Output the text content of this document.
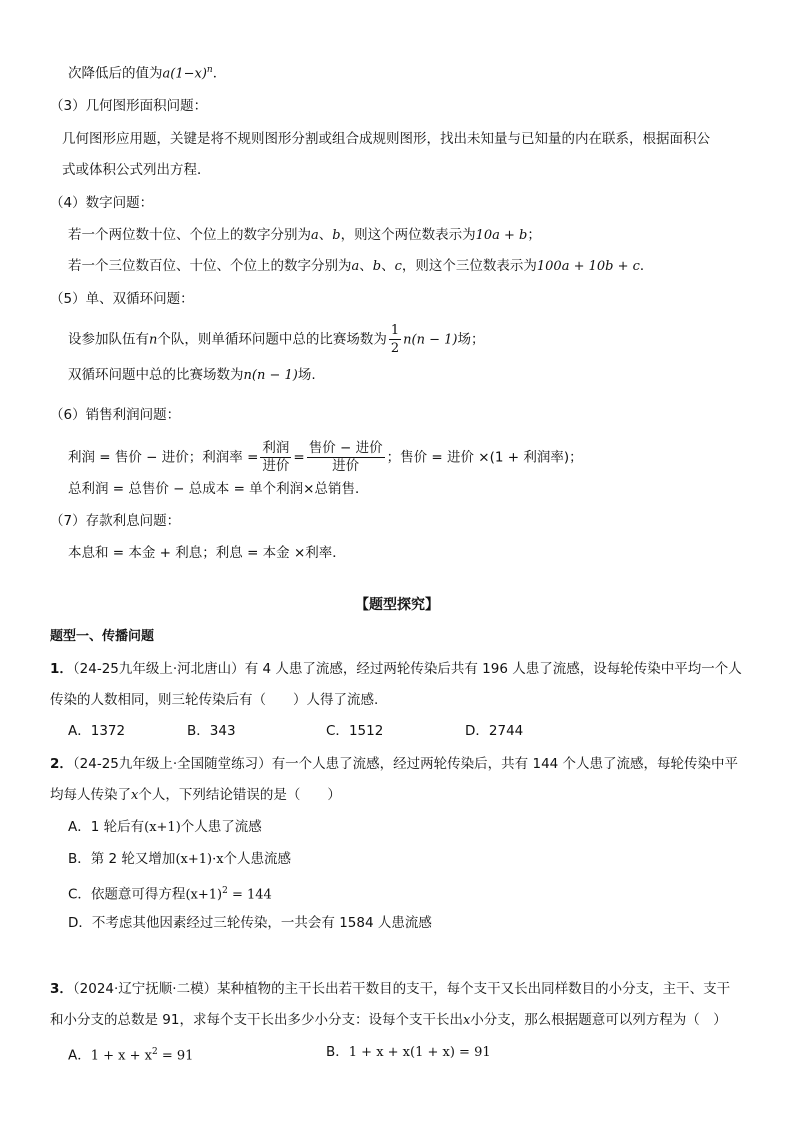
次降低后的值为$a(1-x)^n$．
（3）几何图形面积问题：
几何图形应用题，关键是将不规则图形分割或组合成规则图形，找出未知量与已知量的内在联系，根据面积公
式或体积公式列出方程．
（4）数字问题：
若一个两位数十位、个位上的数字分别为a、b，则这个两位数表示为10a + b；
若一个三位数百位、十位、个位上的数字分别为a、b、c，则这个三位数表示为100a + 10b + c．
（5）单、双循环问题：
设参加队伍有n个队，则单循环问题中总的比赛场数为 $\frac{1}{2} n(n - 1)$场；
双循环问题中总的比赛场数为n(n − 1)场.
（6）销售利润问题：
利润 = 售价 − 进价；利润率 = $\frac{\text{利润}}{\text{进价}} = \frac{\text{售价 − 进价}}{\text{进价}}$ ；售价 = 进价 ×(1 + 利润率)；
总利润 = 总售价 − 总成本 = 单个利润×总销售．
（7）存款利息问题：
本息和 = 本金 + 利息；利息 = 本金 ×利率．
【题型探究】
题型一、传播问题
1．（24-25九年级上·河北唐山）有 4 人患了流感，经过两轮传染后共有 196 人患了流感，设每轮传染中平均一个人
传染的人数相同，则三轮传染后有（　　）人得了流感.
A．1372	B．343	C．1512	D．2744
2．（24-25九年级上·全国随堂练习）有一个人患了流感，经过两轮传染后，共有 144 个人患了流感，每轮传染中平
均每人传染了x个人，下列结论错误的是（　　）
A．1 轮后有(x+1)个人患了流感
B．第 2 轮又增加(x+1)·x个人患流感
C．依题意可得方程$(x+1)^2 = 144$
D．不考虑其他因素经过三轮传染，一共会有 1584 人患流感
3．（2024·辽宁抚顺·二模）某种植物的主干长出若干数目的支干，每个支干又长出同样数目的小分支，主干、支干
和小分支的总数是 91，求每个支干长出多少小分支：设每个支干长出x小分支，那么根据题意可以列方程为（　）
A．$1 + x + x^2 = 91$	B．1 + x + x(1 + x) = 91
